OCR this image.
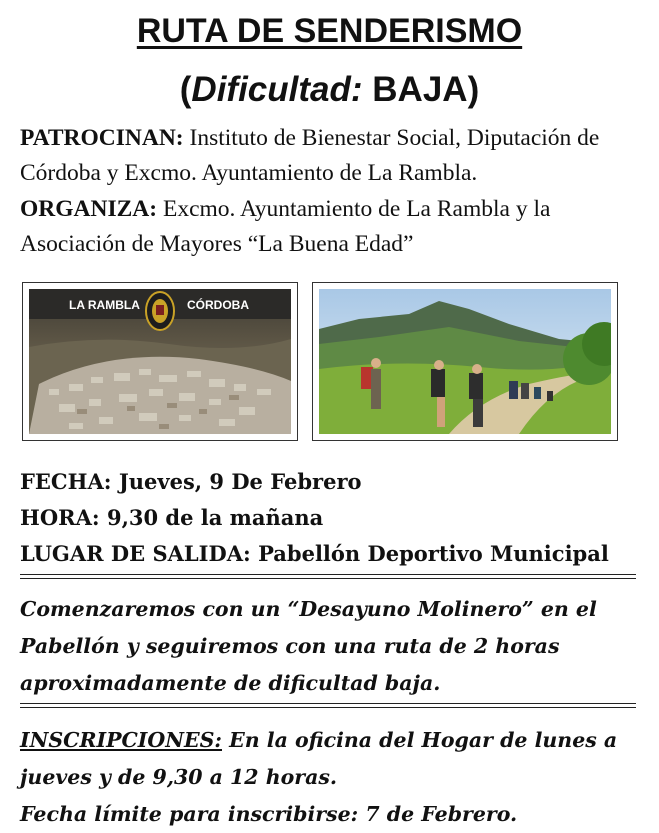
RUTA DE SENDERISMO
(Dificultad: BAJA)
PATROCINAN: Instituto de Bienestar Social, Diputación de Córdoba y Excmo. Ayuntamiento de La Rambla.
ORGANIZA: Excmo. Ayuntamiento de La Rambla y la Asociación de Mayores “La Buena Edad”
LA RAMBLA	CÓRDOBA
FECHA: Jueves, 9 De Febrero
HORA: 9,30 de la mañana
LUGAR DE SALIDA: Pabellón Deportivo Municipal
Comenzaremos con un “Desayuno Molinero” en el
Pabellón y seguiremos con una ruta de 2 horas
aproximadamente de dificultad baja.
INSCRIPCIONES: En la oficina del Hogar de lunes a
jueves y de 9,30 a 12 horas.
Fecha límite para inscribirse: 7 de Febrero.
